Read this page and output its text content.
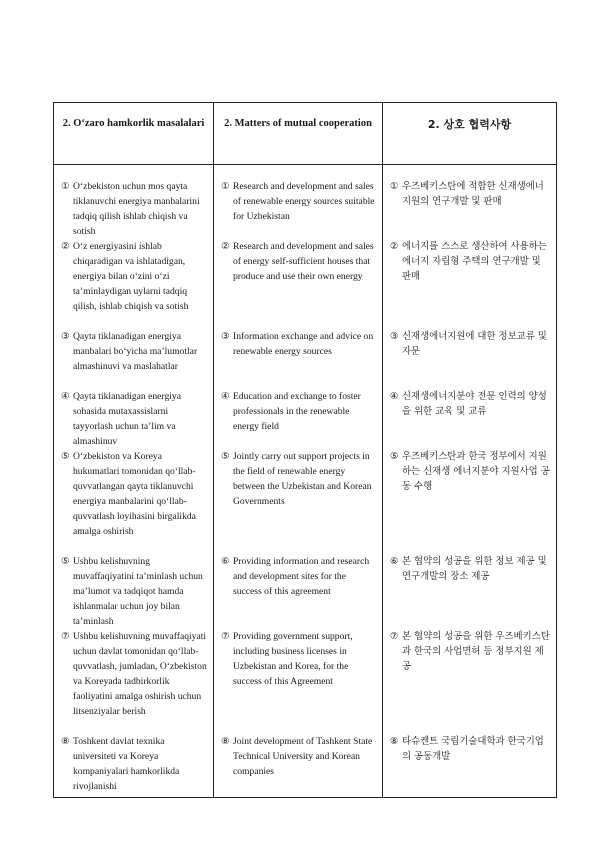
2. O‘zaro hamkorlik masalalari	2. Matters of mutual cooperation	2. 상호 협력사항

① O‘zbekiston uchun mos qayta tiklanuvchi energiya manbalarini tadqiq qilish ishlab chiqish va sotish	① Research and development and sales of renewable energy sources suitable for Uzbekistan	① 우즈베키스탄에 적합한 신재생에너지원의 연구개발 및 판매

② O‘z energiyasini ishlab chiqaradigan va ishlatadigan, energiya bilan o‘zini o‘zi ta’minlaydigan uylarni tadqiq qilish, ishlab chiqish va sotish	② Research and development and sales of energy self-sufficient houses that produce and use their own energy	② 에너지를 스스로 생산하여 사용하는 에너지 자립형 주택의 연구개발 및 판매

③ Qayta tiklanadigan energiya manbalari bo‘yicha ma’lumotlar almashinuvi va maslahatlar	③ Information exchange and advice on renewable energy sources	③ 신재생에너지원에 대한 정보교류 및 자문

④ Qayta tiklanadigan energiya sohasida mutaxassislarni tayyorlash uchun ta’lim va almashinuv	④ Education and exchange to foster professionals in the renewable energy field	④ 신재생에너지분야 전문 인력의 양성을 위한 교육 및 교류

⑤ O‘zbekiston va Koreya hukumatlari tomonidan qo‘llab-quvvatlangan qayta tiklanuvchi energiya manbalarini qo‘llab-quvvatlash loyihasini birgalikda amalga oshirish	⑤ Jointly carry out support projects in the field of renewable energy between the Uzbekistan and Korean Governments	⑤ 우즈베키스탄과 한국 정부에서 지원하는 신재생 에너지분야 지원사업 공동 수행

⑤ Ushbu kelishuvning muvaffaqiyatini ta’minlash uchun ma’lumot va tadqiqot hamda ishlanmalar uchun joy bilan ta’minlash	⑥ Providing information and research and development sites for the success of this agreement	⑥ 본 협약의 성공을 위한 정보 제공 및 연구개발의 장소 제공

⑦ Ushbu kelishuvning muvaffaqiyati uchun davlat tomonidan qo‘llab-quvvatlash, jumladan, O‘zbekiston va Koreyada tadbirkorlik faoliyatini amalga oshirish uchun litsenziyalar berish	⑦ Providing government support, including business licenses in Uzbekistan and Korea, for the success of this Agreement	⑦ 본 협약의 성공을 위한 우즈베키스탄과 한국의 사업면허 등 정부지원 제공

⑧ Toshkent davlat texnika universiteti va Koreya kompaniyalari hamkorlikda rivojlanishi	⑧ Joint development of Tashkent State Technical University and Korean companies	⑧ 타슈켄트 국립기술대학과 한국기업의 공동개발
